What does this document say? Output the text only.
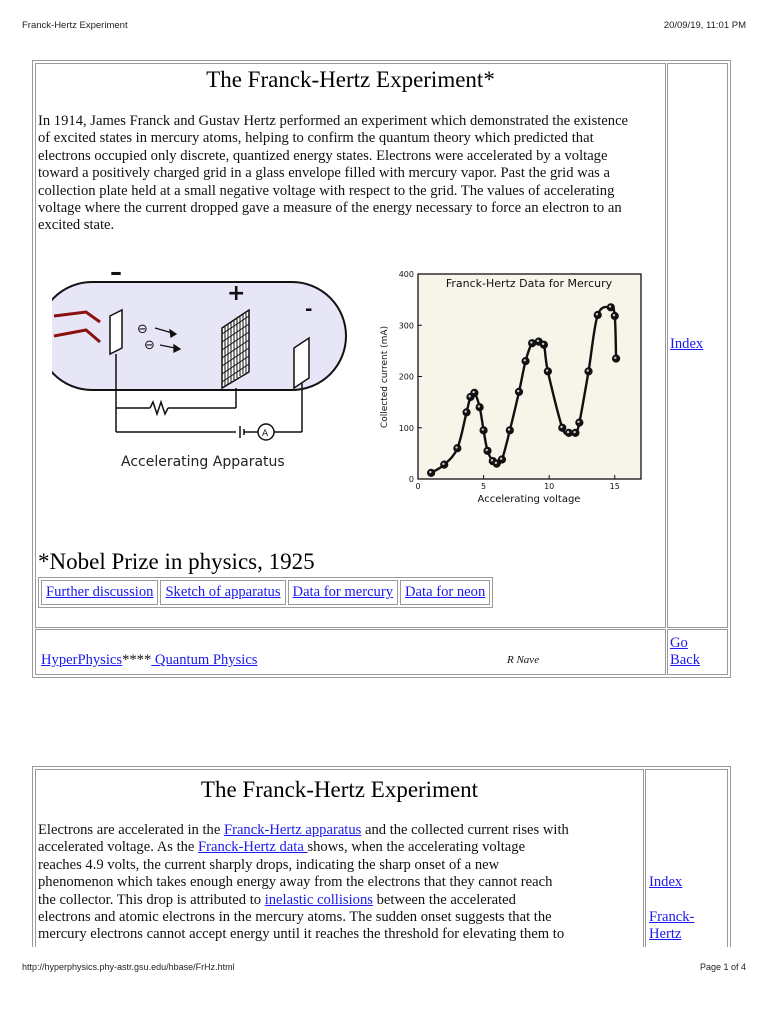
Franck-Hertz Experiment	20/09/19, 11:01 PM
The Franck-Hertz Experiment*
In 1914, James Franck and Gustav Hertz performed an experiment which demonstrated the existence of excited states in mercury atoms, helping to confirm the quantum theory which predicted that electrons occupied only discrete, quantized energy states. Electrons were accelerated by a voltage toward a positively charged grid in a glass envelope filled with mercury vapor. Past the grid was a collection plate held at a small negative voltage with respect to the grid. The values of accelerating voltage where the current dropped gave a measure of the energy necessary to force an electron to an excited state.
Index
⊖
⊖
A
–
+
-
Accelerating Apparatus
Franck-Hertz Data for Mercury
Accelerating voltage
Collected current (mA)
0
100
200
300
400
0	5	10	15
*Nobel Prize in physics, 1925
Further discussion Sketch of apparatus Data for mercury Data for neon
HyperPhysics**** Quantum Physics	R Nave
Go Back
The Franck-Hertz Experiment
Electrons are accelerated in the Franck-Hertz apparatus and the collected current rises with
accelerated voltage. As the Franck-Hertz data shows, when the accelerating voltage
reaches 4.9 volts, the current sharply drops, indicating the sharp onset of a new
phenomenon which takes enough energy away from the electrons that they cannot reach
the collector. This drop is attributed to inelastic collisions between the accelerated
electrons and atomic electrons in the mercury atoms. The sudden onset suggests that the
mercury electrons cannot accept energy until it reaches the threshold for elevating them to
Index
Franck-
Hertz
http://hyperphysics.phy-astr.gsu.edu/hbase/FrHz.html	Page 1 of 4
